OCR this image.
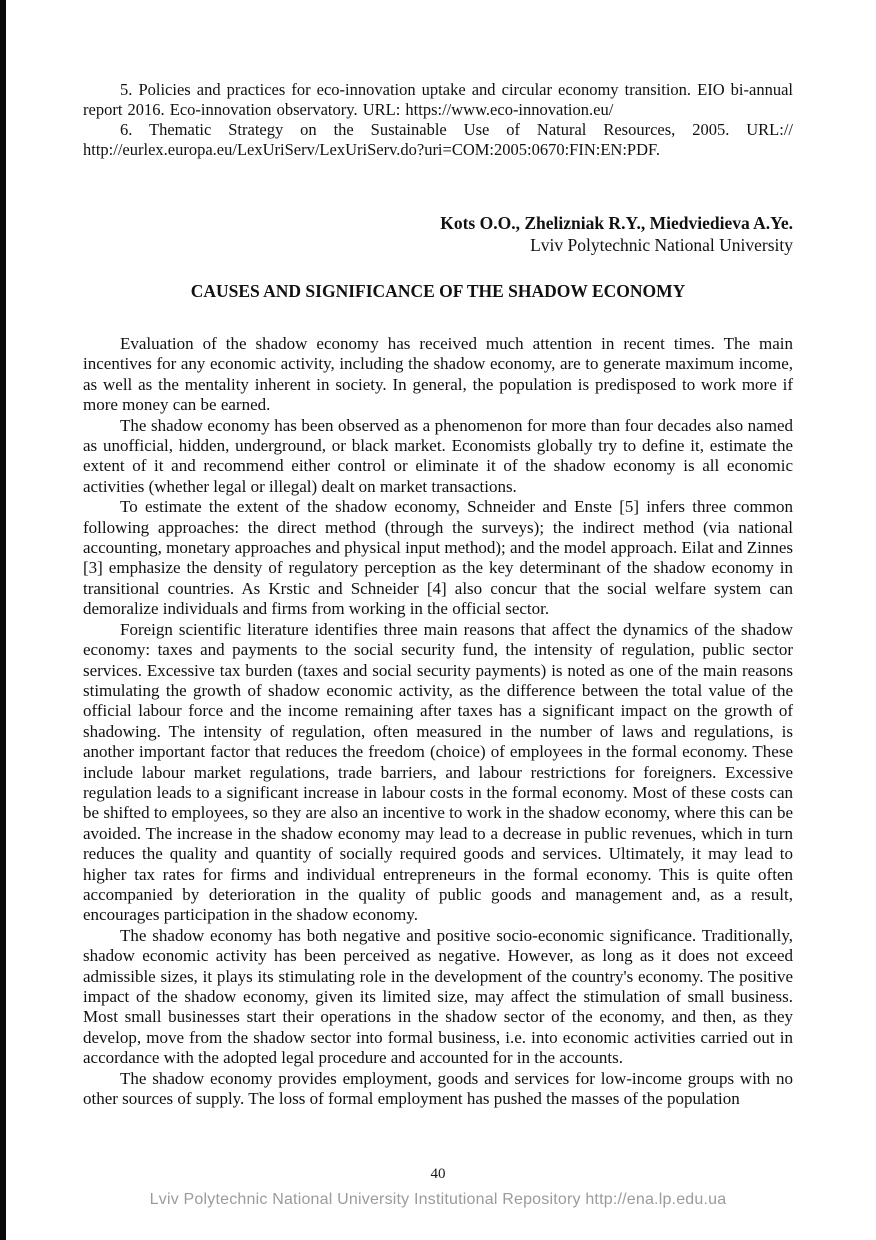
5. Policies and practices for eco-innovation uptake and circular economy transition. EIO bi-annual report 2016. Eco-innovation observatory. URL: https://www.eco-innovation.eu/

6. Thematic Strategy on the Sustainable Use of Natural Resources, 2005. URL:// http://eurlex.europa.eu/LexUriServ/LexUriServ.do?uri=COM:2005:0670:FIN:EN:PDF.

Kots O.O., Zhelizniak R.Y., Miedviedieva A.Ye.
Lviv Polytechnic National University
CAUSES AND SIGNIFICANCE OF THE SHADOW ECONOMY

Evaluation of the shadow economy has received much attention in recent times. The main incentives for any economic activity, including the shadow economy, are to generate maximum income, as well as the mentality inherent in society. In general, the population is predisposed to work more if more money can be earned.

The shadow economy has been observed as a phenomenon for more than four decades also named as unofficial, hidden, underground, or black market. Economists globally try to define it, estimate the extent of it and recommend either control or eliminate it of the shadow economy is all economic activities (whether legal or illegal) dealt on market transactions.

To estimate the extent of the shadow economy, Schneider and Enste [5] infers three common following approaches: the direct method (through the surveys); the indirect method (via national accounting, monetary approaches and physical input method); and the model approach. Eilat and Zinnes [3] emphasize the density of regulatory perception as the key determinant of the shadow economy in transitional countries. As Krstic and Schneider [4] also concur that the social welfare system can demoralize individuals and firms from working in the official sector.

Foreign scientific literature identifies three main reasons that affect the dynamics of the shadow economy: taxes and payments to the social security fund, the intensity of regulation, public sector services. Excessive tax burden (taxes and social security payments) is noted as one of the main reasons stimulating the growth of shadow economic activity, as the difference between the total value of the official labour force and the income remaining after taxes has a significant impact on the growth of shadowing. The intensity of regulation, often measured in the number of laws and regulations, is another important factor that reduces the freedom (choice) of employees in the formal economy. These include labour market regulations, trade barriers, and labour restrictions for foreigners. Excessive regulation leads to a significant increase in labour costs in the formal economy. Most of these costs can be shifted to employees, so they are also an incentive to work in the shadow economy, where this can be avoided. The increase in the shadow economy may lead to a decrease in public revenues, which in turn reduces the quality and quantity of socially required goods and services. Ultimately, it may lead to higher tax rates for firms and individual entrepreneurs in the formal economy. This is quite often accompanied by deterioration in the quality of public goods and management and, as a result, encourages participation in the shadow economy.

The shadow economy has both negative and positive socio-economic significance. Traditionally, shadow economic activity has been perceived as negative. However, as long as it does not exceed admissible sizes, it plays its stimulating role in the development of the country's economy. The positive impact of the shadow economy, given its limited size, may affect the stimulation of small business. Most small businesses start their operations in the shadow sector of the economy, and then, as they develop, move from the shadow sector into formal business, i.e. into economic activities carried out in accordance with the adopted legal procedure and accounted for in the accounts.

The shadow economy provides employment, goods and services for low-income groups with no other sources of supply. The loss of formal employment has pushed the masses of the population

40
Lviv Polytechnic National University Institutional Repository http://ena.lp.edu.ua
